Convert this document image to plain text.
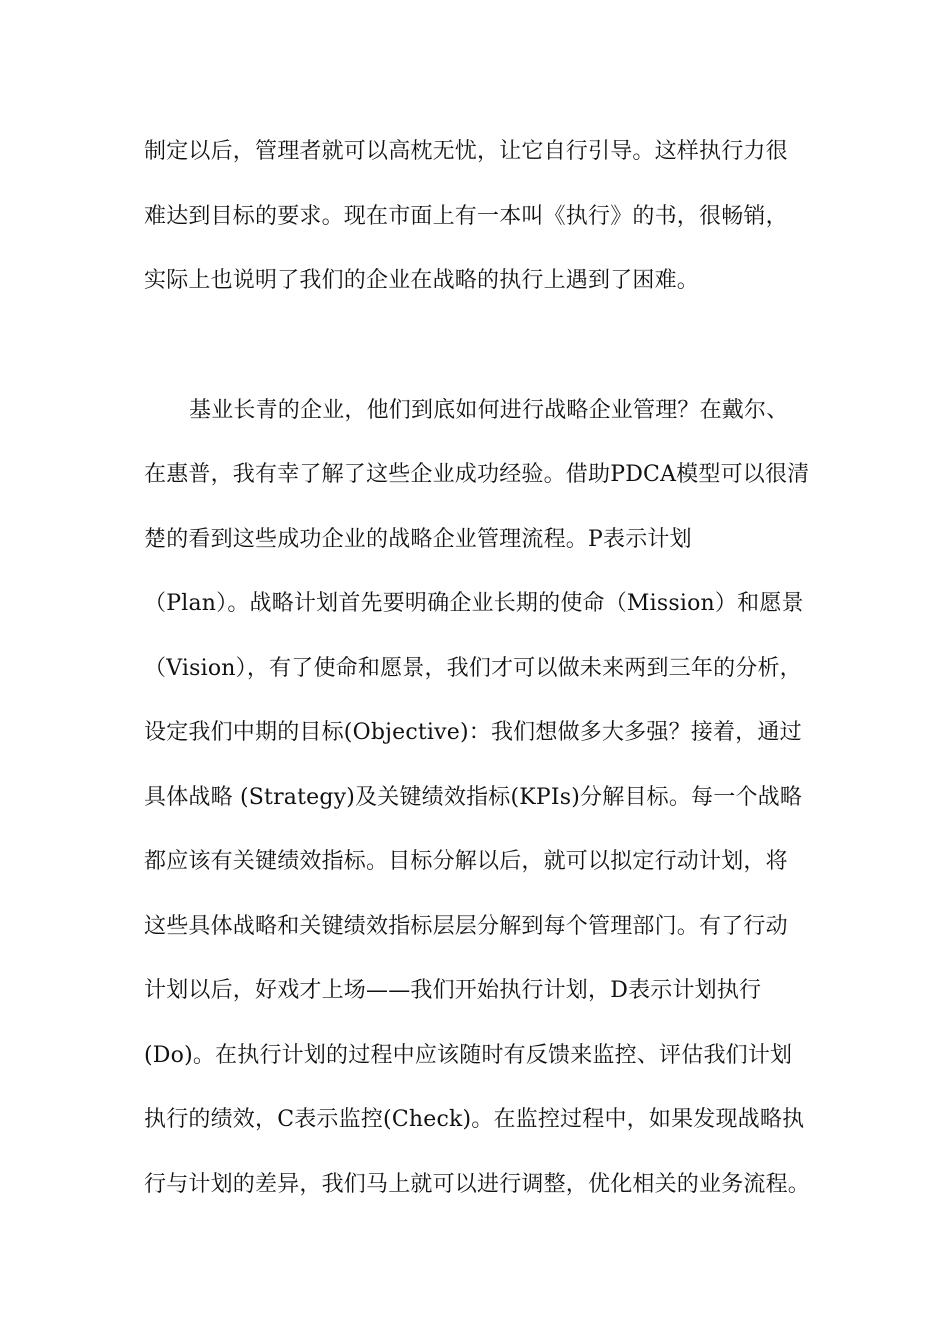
制定以后，管理者就可以高枕无忧，让它自行引导。这样执行力很
难达到目标的要求。现在市面上有一本叫《执行》的书，很畅销，
实际上也说明了我们的企业在战略的执行上遇到了困难。
基业长青的企业，他们到底如何进行战略企业管理？在戴尔、
在惠普，我有幸了解了这些企业成功经验。借助PDCA模型可以很清
楚的看到这些成功企业的战略企业管理流程。P表示计划
（Plan）。战略计划首先要明确企业长期的使命（Mission）和愿景
（Vision），有了使命和愿景，我们才可以做未来两到三年的分析，
设定我们中期的目标(Objective)：我们想做多大多强？接着，通过
具体战略 (Strategy)及关键绩效指标(KPIs)分解目标。每一个战略
都应该有关键绩效指标。目标分解以后，就可以拟定行动计划，将
这些具体战略和关键绩效指标层层分解到每个管理部门。有了行动
计划以后，好戏才上场——我们开始执行计划，D表示计划执行
(Do)。在执行计划的过程中应该随时有反馈来监控、评估我们计划
执行的绩效，C表示监控(Check)。在监控过程中，如果发现战略执
行与计划的差异，我们马上就可以进行调整，优化相关的业务流程。
